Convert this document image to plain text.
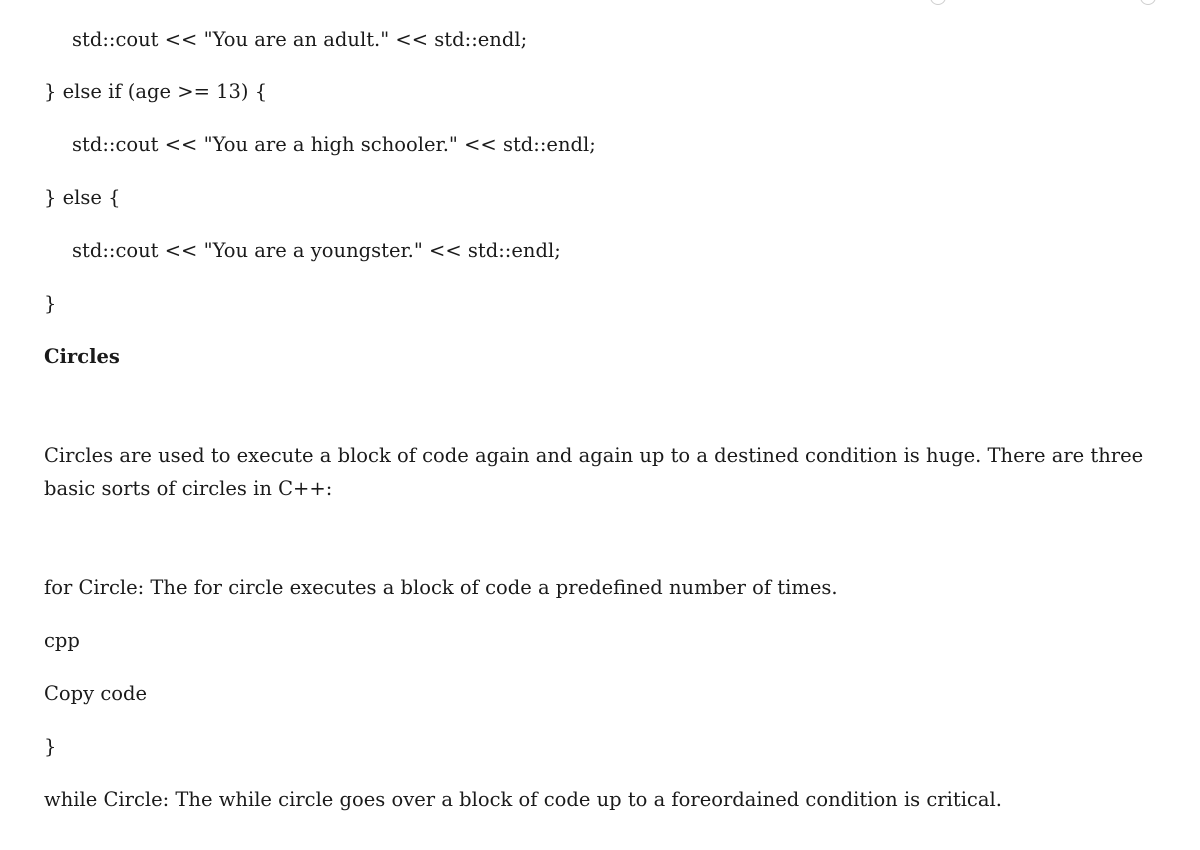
std::cout << "You are an adult." << std::endl;
} else if (age >= 13) {
std::cout << "You are a high schooler." << std::endl;
} else {
std::cout << "You are a youngster." << std::endl;
}
Circles
Circles are used to execute a block of code again and again up to a destined condition is huge. There are three basic sorts of circles in C++:
for Circle: The for circle executes a block of code a predefined number of times.
cpp
Copy code
}
while Circle: The while circle goes over a block of code up to a foreordained condition is critical.
